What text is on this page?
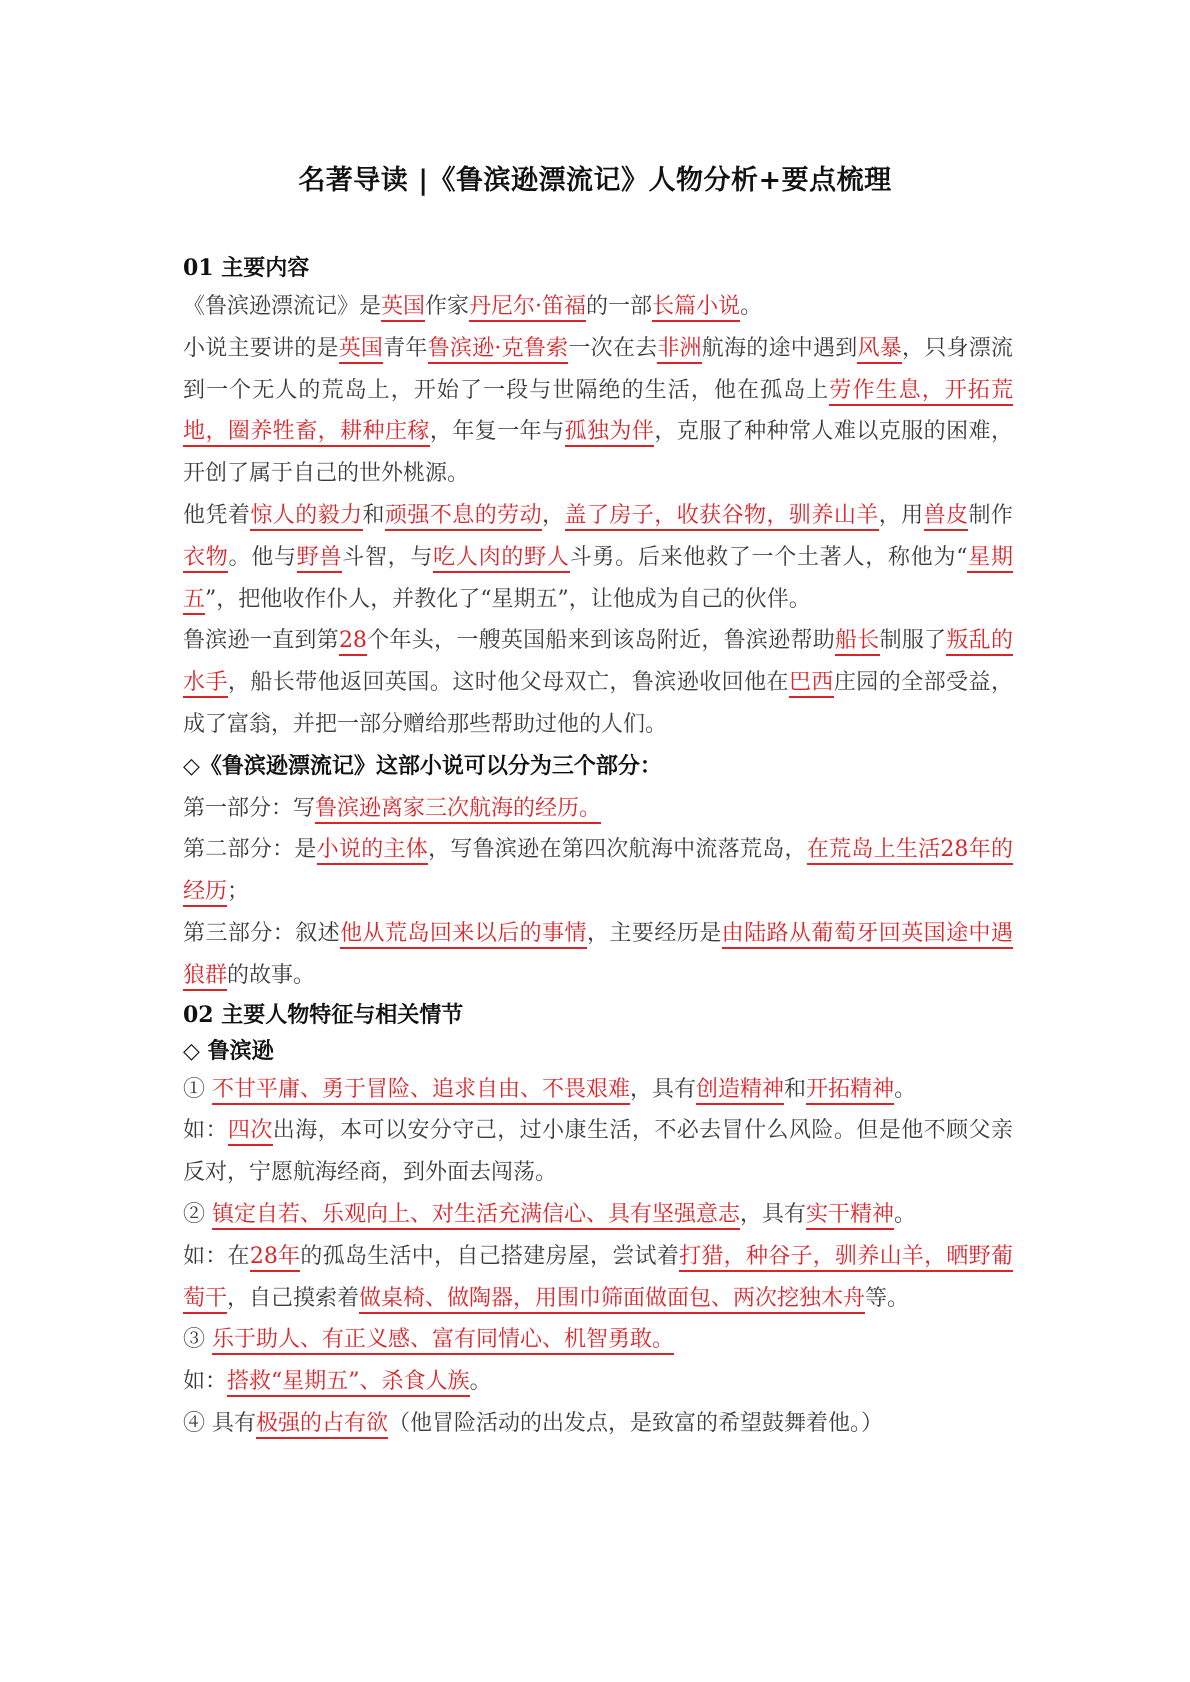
名著导读 |《鲁滨逊漂流记》人物分析+要点梳理
01 主要内容

《鲁滨逊漂流记》是英国作家丹尼尔·笛福的一部长篇小说。

小说主要讲的是英国青年鲁滨逊·克鲁索一次在去非洲航海的途中遇到风暴，只身漂流到一个无人的荒岛上，开始了一段与世隔绝的生活，他在孤岛上劳作生息，开拓荒地，圈养牲畜，耕种庄稼，年复一年与孤独为伴，克服了种种常人难以克服的困难，开创了属于自己的世外桃源。

他凭着惊人的毅力和顽强不息的劳动，盖了房子，收获谷物，驯养山羊，用兽皮制作衣物。他与野兽斗智，与吃人肉的野人斗勇。后来他救了一个土著人，称他为“星期五”，把他收作仆人，并教化了“星期五”，让他成为自己的伙伴。

鲁滨逊一直到第28个年头，一艘英国船来到该岛附近，鲁滨逊帮助船长制服了叛乱的水手，船长带他返回英国。这时他父母双亡，鲁滨逊收回他在巴西庄园的全部受益，成了富翁，并把一部分赠给那些帮助过他的人们。

◇《鲁滨逊漂流记》这部小说可以分为三个部分：

第一部分：写鲁滨逊离家三次航海的经历。

第二部分：是小说的主体，写鲁滨逊在第四次航海中流落荒岛，在荒岛上生活28年的经历；

第三部分：叙述他从荒岛回来以后的事情，主要经历是由陆路从葡萄牙回英国途中遇狼群的故事。

02 主要人物特征与相关情节
◇ 鲁滨逊

① 不甘平庸、勇于冒险、追求自由、不畏艰难，具有创造精神和开拓精神。

如：四次出海，本可以安分守己，过小康生活，不必去冒什么风险。但是他不顾父亲反对，宁愿航海经商，到外面去闯荡。

② 镇定自若、乐观向上、对生活充满信心、具有坚强意志，具有实干精神。

如：在28年的孤岛生活中，自己搭建房屋，尝试着打猎，种谷子，驯养山羊，晒野葡萄干，自己摸索着做桌椅、做陶器，用围巾筛面做面包、两次挖独木舟等。

③ 乐于助人、有正义感、富有同情心、机智勇敢。

如：搭救“星期五”、杀食人族。

④ 具有极强的占有欲（他冒险活动的出发点，是致富的希望鼓舞着他。）
